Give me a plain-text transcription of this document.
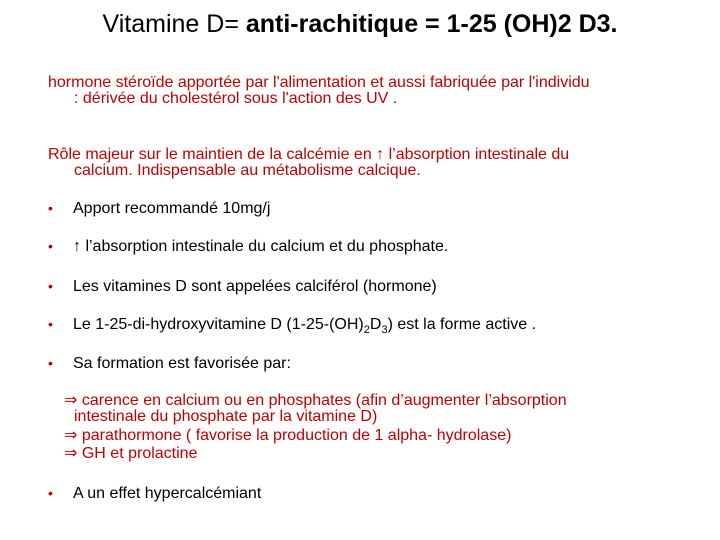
Vitamine D= anti-rachitique = 1-25 (OH)2 D3.
hormone stéroïde apportée par l'alimentation et aussi fabriquée par l'individu
: dérivée du cholestérol sous l'action des UV .
Rôle majeur sur le maintien de la calcémie en ↑ l’absorption intestinale du
calcium. Indispensable au métabolisme calcique.
• Apport recommandé 10mg/j
• ↑ l’absorption intestinale du calcium et du phosphate.
• Les vitamines D sont appelées calciférol (hormone)
• Le 1-25-di-hydroxyvitamine D $(1-25-(OH)_2D_3)$ est la forme active .
• Sa formation est favorisée par:
⇒ carence en calcium ou en phosphates (afin d’augmenter l’absorption
intestinale du phosphate par la vitamine D)
⇒ parathormone ( favorise la production de 1 alpha- hydrolase)
⇒ GH et prolactine
• A un effet hypercalcémiant
